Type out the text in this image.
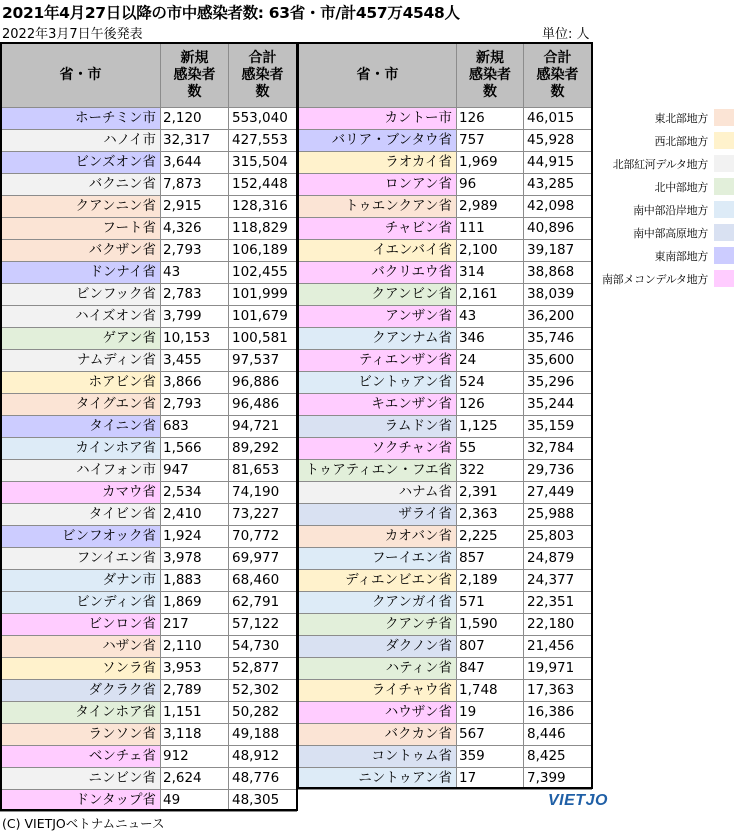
2021年4月27日以降の市中感染者数: 63省・市/計457万4548人
2022年3月7日午後発表	単位: 人
省・市	新規
感染者
数	合計
感染者
数
ホーチミン市	2,120	553,040
ハノイ市	32,317	427,553
ビンズオン省	3,644	315,504
バクニン省	7,873	152,448
クアンニン省	2,915	128,316
フート省	4,326	118,829
バクザン省	2,793	106,189
ドンナイ省	43	102,455
ビンフック省	2,783	101,999
ハイズオン省	3,799	101,679
ゲアン省	10,153	100,581
ナムディン省	3,455	97,537
ホアビン省	3,866	96,886
タイグエン省	2,793	96,486
タイニン省	683	94,721
カインホア省	1,566	89,292
ハイフォン市	947	81,653
カマウ省	2,534	74,190
タイビン省	2,410	73,227
ビンフオック省	1,924	70,772
フンイエン省	3,978	69,977
ダナン市	1,883	68,460
ビンディン省	1,869	62,791
ビンロン省	217	57,122
ハザン省	2,110	54,730
ソンラ省	3,953	52,877
ダクラク省	2,789	52,302
タインホア省	1,151	50,282
ランソン省	3,118	49,188
ベンチェ省	912	48,912
ニンビン省	2,624	48,776
ドンタップ省	49	48,305
省・市	新規
感染者
数	合計
感染者
数
カントー市	126	46,015
バリア・ブンタウ省	757	45,928
ラオカイ省	1,969	44,915
ロンアン省	96	43,285
トゥエンクアン省	2,989	42,098
チャビン省	111	40,896
イエンバイ省	2,100	39,187
バクリエウ省	314	38,868
クアンビン省	2,161	38,039
アンザン省	43	36,200
クアンナム省	346	35,746
ティエンザン省	24	35,600
ビントゥアン省	524	35,296
キエンザン省	126	35,244
ラムドン省	1,125	35,159
ソクチャン省	55	32,784
トゥアティエン・フエ省	322	29,736
ハナム省	2,391	27,449
ザライ省	2,363	25,988
カオバン省	2,225	25,803
フーイエン省	857	24,879
ディエンビエン省	2,189	24,377
クアンガイ省	571	22,351
クアンチ省	1,590	22,180
ダクノン省	807	21,456
ハティン省	847	19,971
ライチャウ省	1,748	17,363
ハウザン省	19	16,386
バクカン省	567	8,446
コントゥム省	359	8,425
ニントゥアン省	17	7,399
東北部地方
西北部地方
北部紅河デルタ地方
北中部地方
南中部沿岸地方
南中部高原地方
東南部地方
南部メコンデルタ地方
VIETJO
(C) VIETJOベトナムニュース
